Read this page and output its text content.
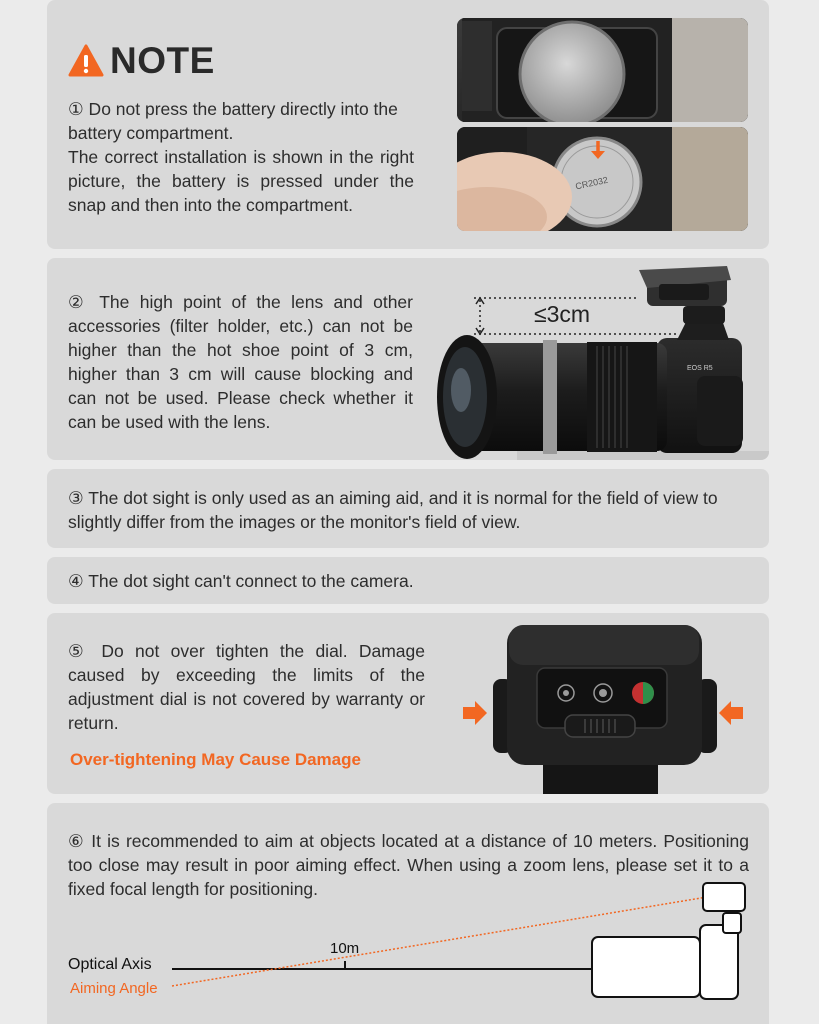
NOTE
① Do not press the battery directly into the battery compartment.
The correct installation is shown in the right picture, the battery is pressed under the snap and then into the compartment.
CR2032
② The high point of the lens and other accessories (filter holder, etc.) can not be higher than the hot shoe point of 3 cm, higher than 3 cm will cause blocking and can not be used. Please check whether it can be used with the lens.
EOS R5
≤3cm
③ The dot sight is only used as an aiming aid, and it is normal for the field of view to slightly differ from the images or the monitor's field of view.
④ The dot sight can't connect to the camera.
⑤ Do not over tighten the dial. Damage caused by exceeding the limits of the adjustment dial is not covered by warranty or return.
Over-tightening May Cause Damage
⑥ It is recommended to aim at objects located at a distance of 10 meters. Positioning too close may result in poor aiming effect. When using a zoom lens, please set it to a fixed focal length for positioning.
Optical Axis
Aiming Angle
10m
